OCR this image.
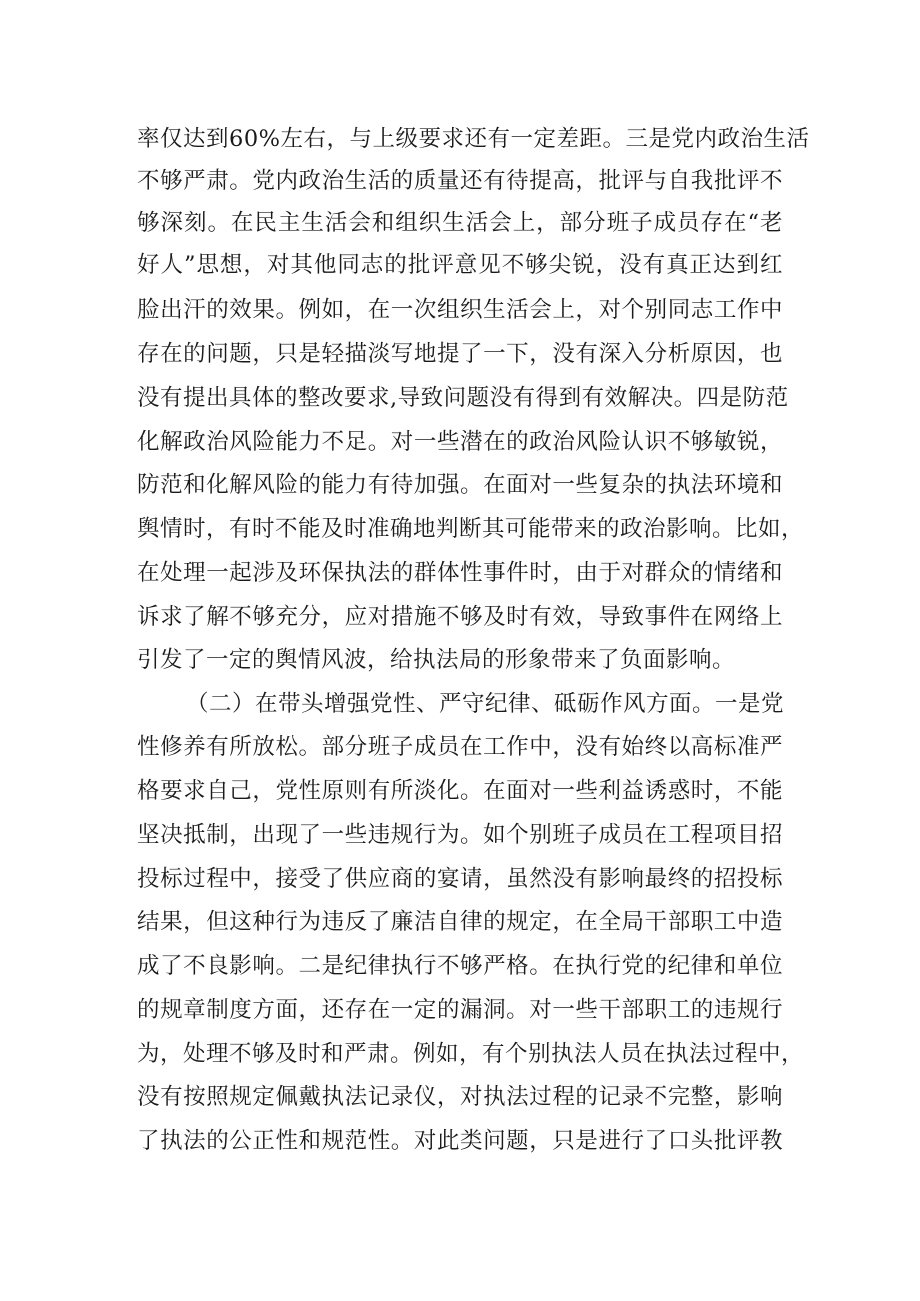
率仅达到60%左右，与上级要求还有一定差距。三是党内政治生活
不够严肃。党内政治生活的质量还有待提高，批评与自我批评不
够深刻。在民主生活会和组织生活会上，部分班子成员存在“老
好人”思想，对其他同志的批评意见不够尖锐，没有真正达到红
脸出汗的效果。例如，在一次组织生活会上，对个别同志工作中
存在的问题，只是轻描淡写地提了一下，没有深入分析原因，也
没有提出具体的整改要求,导致问题没有得到有效解决。四是防范
化解政治风险能力不足。对一些潜在的政治风险认识不够敏锐，
防范和化解风险的能力有待加强。在面对一些复杂的执法环境和
舆情时，有时不能及时准确地判断其可能带来的政治影响。比如，
在处理一起涉及环保执法的群体性事件时，由于对群众的情绪和
诉求了解不够充分，应对措施不够及时有效，导致事件在网络上
引发了一定的舆情风波，给执法局的形象带来了负面影响。
（二）在带头增强党性、严守纪律、砥砺作风方面。一是党
性修养有所放松。部分班子成员在工作中，没有始终以高标准严
格要求自己，党性原则有所淡化。在面对一些利益诱惑时，不能
坚决抵制，出现了一些违规行为。如个别班子成员在工程项目招
投标过程中，接受了供应商的宴请，虽然没有影响最终的招投标
结果，但这种行为违反了廉洁自律的规定，在全局干部职工中造
成了不良影响。二是纪律执行不够严格。在执行党的纪律和单位
的规章制度方面，还存在一定的漏洞。对一些干部职工的违规行
为，处理不够及时和严肃。例如，有个别执法人员在执法过程中，
没有按照规定佩戴执法记录仪，对执法过程的记录不完整，影响
了执法的公正性和规范性。对此类问题，只是进行了口头批评教
